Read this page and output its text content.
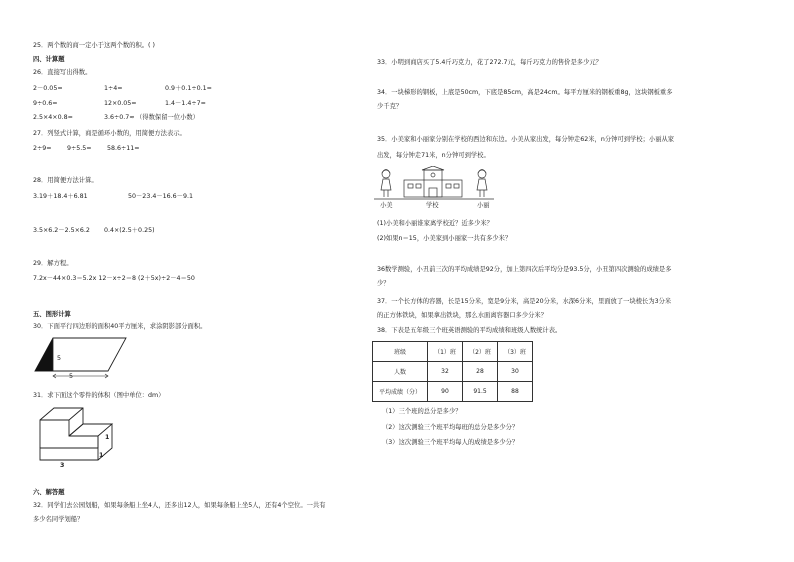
25．两个数的商一定小于这两个数的积。( )
四、计算题
26．直接写出得数。
2－0.05=	1÷4=	0.9＋0.1÷0.1=
9÷0.6=	12×0.05=	1.4－1.4÷7=
2.5×4×0.8=	3.6÷0.7≈ （得数保留一位小数）
27．列竖式计算，商是循环小数的，用简便方法表示。
2÷9= 9÷5.5= 58.6÷11=
28．用简便方法计算。
3.19＋18.4＋6.81	50－23.4－16.6－9.1
3.5×6.2－2.5×6.2 0.4×(2.5＋0.25)
29．解方程。
7.2x－44×0.3＝5.2x 12－x÷2＝8 (2＋5x)÷2－4＝50
五、图形计算
30．下面平行四边形的面积40平方厘米，求涂阴影部分面积。
5
5
31．求下面这个零件的体积（图中单位：dm）
1
1
3
六、解答题
32．同学们去公园划船，如果每条船上坐4人，还多出12人，如果每条船上坐5人，还有4个空位。一共有
多少名同学划船？
33．小明到商店买了5.4斤巧克力，花了272.7元，每斤巧克力的售价是多少元？
34．一块梯形的钢板，上底是50cm，下底是85cm，高是24cm。每平方厘米的钢板重8g，这块钢板重多
少千克？
35．小美家和小丽家分别在学校的西边和东边。小美从家出发，每分钟走62米，n分钟可到学校；小丽从家
出发，每分钟走71米，n分钟可到学校。
小美	学校	小丽
(1)小美和小丽谁家离学校近？近多少米？
(2)如果n＝15，小美家到小丽家一共有多少米？
36数学测验，小丑前三次的平均成绩是92分，加上第四次后平均分是93.5分，小丑第四次测验的成绩是多
少？
37．一个长方体的容器，长是15分米，宽是9分米，高是20分米，水深6分米，里面放了一块棱长为3分米
的正方体铁块，如果拿出铁块，那么水面离容器口多少分米？
38．下表是五年级三个班英语测验的平均成绩和班级人数统计表。
班级	（1）班	（2）班	（3）班
人数	32	28	30
平均成绩（分）	90	91.5	88
（1）三个班的总分是多少？
（2）这次测验三个班平均每班的总分是多少分？
（3）这次测验三个班平均每人的成绩是多少分？
